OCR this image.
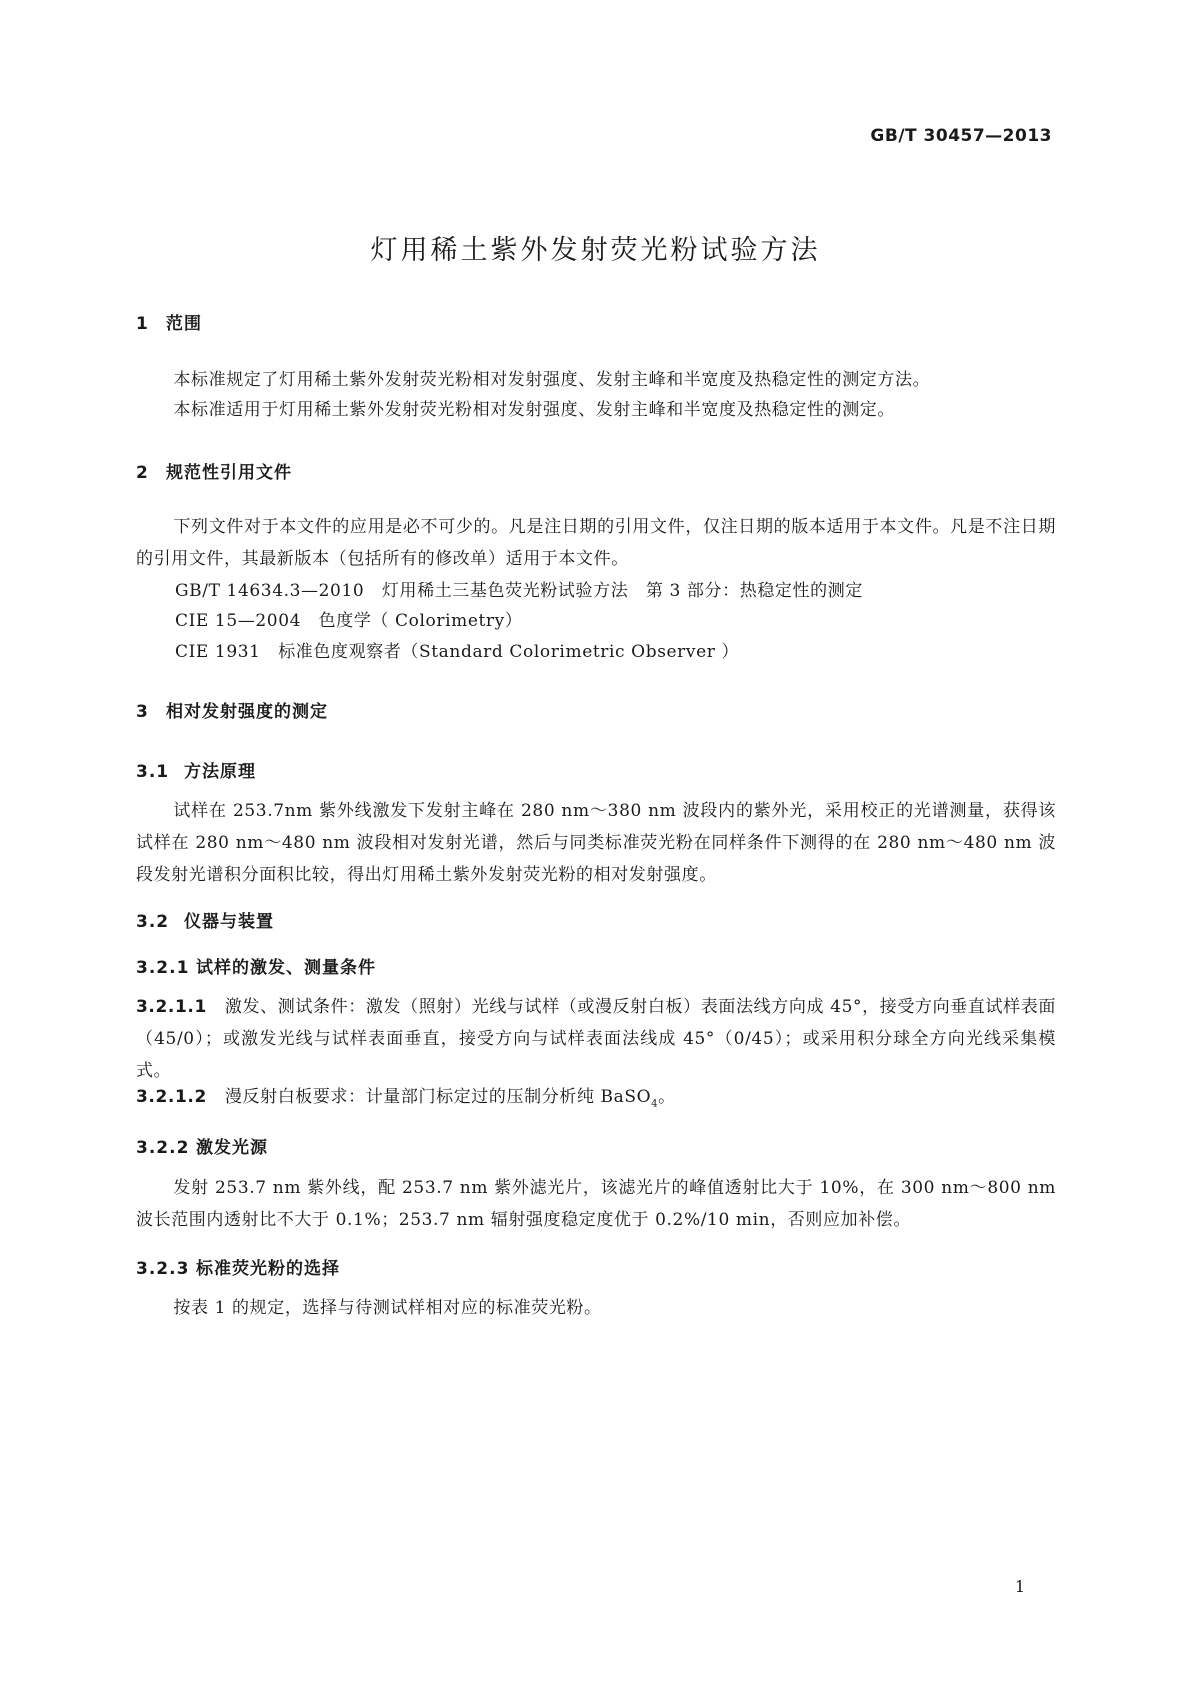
GB/T 30457—2013
灯用稀土紫外发射荧光粉试验方法
1 范围

本标准规定了灯用稀土紫外发射荧光粉相对发射强度、发射主峰和半宽度及热稳定性的测定方法。

本标准适用于灯用稀土紫外发射荧光粉相对发射强度、发射主峰和半宽度及热稳定性的测定。

2 规范性引用文件

下列文件对于本文件的应用是必不可少的。凡是注日期的引用文件，仅注日期的版本适用于本文件。凡是不注日期的引用文件，其最新版本（包括所有的修改单）适用于本文件。

GB/T 14634.3—2010　灯用稀土三基色荧光粉试验方法　第 3 部分：热稳定性的测定

CIE 15—2004　色度学（ Colorimetry）

CIE 1931　标准色度观察者（Standard Colorimetric Observer ）

3 相对发射强度的测定
3.1 方法原理

试样在 253.7nm 紫外线激发下发射主峰在 280 nm～380 nm 波段内的紫外光，采用校正的光谱测量，获得该试样在 280 nm～480 nm 波段相对发射光谱，然后与同类标准荧光粉在同样条件下测得的在 280 nm～480 nm 波段发射光谱积分面积比较，得出灯用稀土紫外发射荧光粉的相对发射强度。

3.2 仪器与装置
3.2.1 试样的激发、测量条件

3.2.1.1 激发、测试条件：激发（照射）光线与试样（或漫反射白板）表面法线方向成 45°，接受方向垂直试样表面（45/0）；或激发光线与试样表面垂直，接受方向与试样表面法线成 45°（0/45）；或采用积分球全方向光线采集模式。

3.2.1.2 漫反射白板要求：计量部门标定过的压制分析纯 BaSO$_4$。

3.2.2 激发光源

发射 253.7 nm 紫外线，配 253.7 nm 紫外滤光片，该滤光片的峰值透射比大于 10%，在 300 nm～800 nm 波长范围内透射比不大于 0.1%；253.7 nm 辐射强度稳定度优于 0.2%/10 min，否则应加补偿。

3.2.3 标准荧光粉的选择

按表 1 的规定，选择与待测试样相对应的标准荧光粉。

1
